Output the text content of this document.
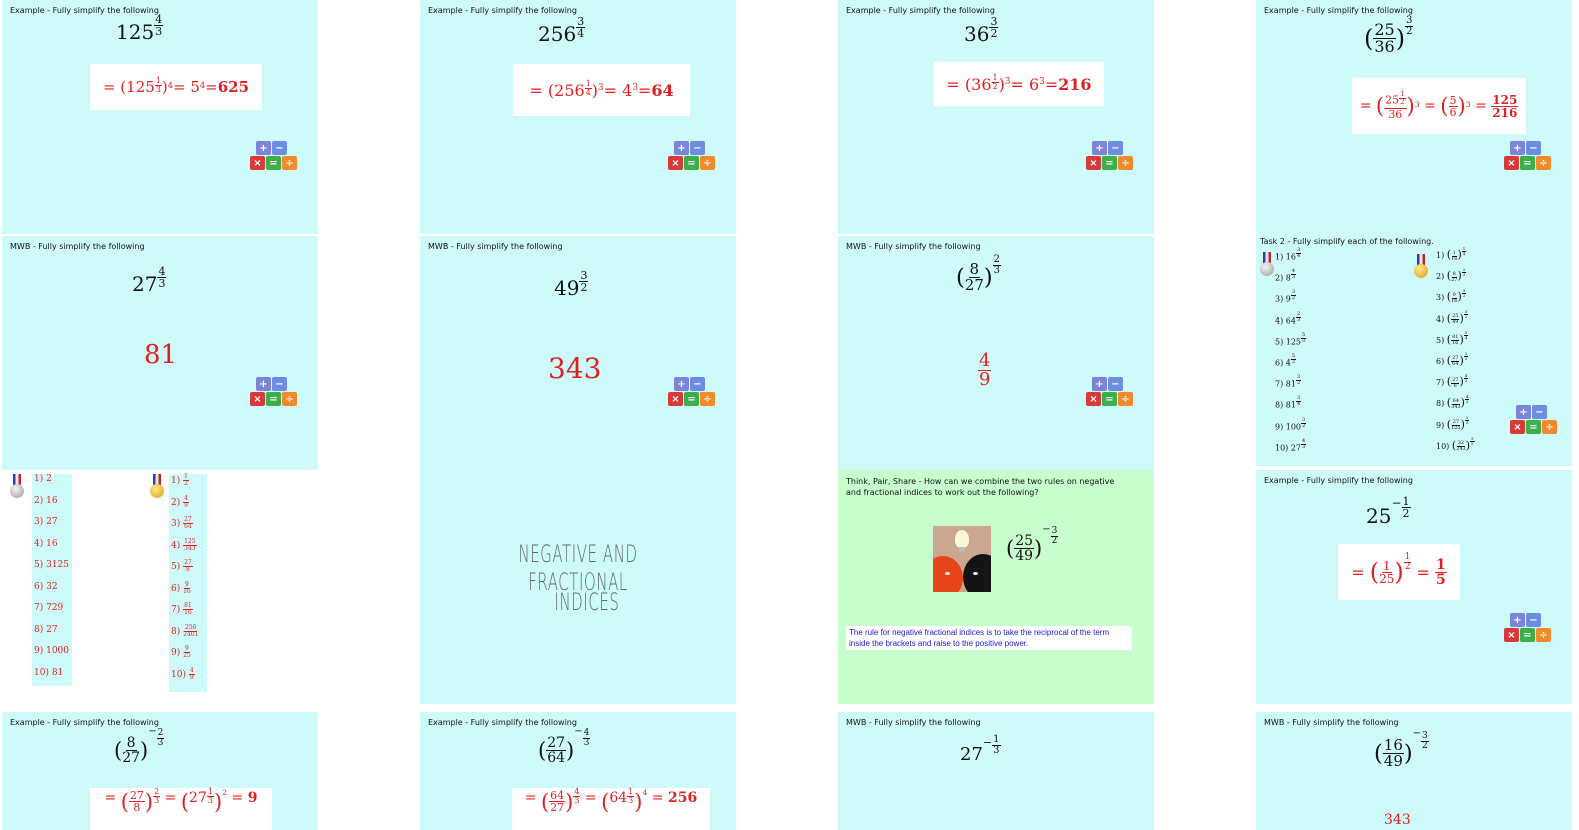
Example - Fully simplify the following
$125 \frac{4}{3}$
= ($125 \frac{1}{3}$ ) 4 = 5 4 = 625
+ −
× = ÷
Example - Fully simplify the following
$256 \frac{3}{4}$
= ($256 \frac{1}{4}$ ) 3 = 4 3 = 64
+ −
× = ÷
Example - Fully simplify the following
$36 \frac{3}{2}$
= ($36 \frac{1}{2}$ ) 3 = 6 3 = 216
+ −
× = ÷
Example - Fully simplify the following
( $\frac{25}{36}$ ) $\frac{3}{2}$
=
( $\frac{25 \frac{1}{2}}{36}$ ) 3
=
( $\frac{5}{6}$ ) 3
=
$\frac{125}{216}$
+ −
× = ÷
MWB - Fully simplify the following
$27 \frac{4}{3}$
81
+ −
× = ÷
MWB - Fully simplify the following
$49 \frac{3}{2}$
343	+ −
× = ÷
MWB - Fully simplify the following
( $\frac{8}{27}$ ) $\frac{2}{3}$
$\frac{4}{9}$	+ −
× = ÷
Task 2 - Fully simplify each of the following.
1) $16 \frac{3}{4}$
2) $8 \frac{4}{3}$
3) $9 \frac{3}{2}$
4) $64 \frac{2}{3}$
5) $125 \frac{5}{3}$
6) $4 \frac{5}{2}$
7) $81 \frac{3}{2}$
8) $81 \frac{3}{4}$
9) $100 \frac{3}{2}$
10) $27 \frac{4}{3}$
1) ( $\frac{1}{16}$ ) $\frac{1}{4}$
2) ( $\frac{8}{27}$ ) $\frac{2}{3}$
3) ( $\frac{9}{16}$ ) $\frac{3}{2}$
4) ( $\frac{25}{49}$ ) $\frac{3}{2}$
5) ( $\frac{81}{16}$ ) $\frac{3}{4}$
6) ( $\frac{27}{64}$ ) $\frac{2}{3}$
7) ( $\frac{27}{8}$ ) $\frac{4}{3}$
8) ( $\frac{64}{343}$ ) $\frac{4}{3}$
9) ( $\frac{27}{125}$ ) $\frac{2}{3}$
10) ( $\frac{32}{243}$ ) $\frac{3}{5}$
+ −
× = ÷
1) 2
2) 16
3) 27
4) 16
5) 3125
6) 32
7) 729
8) 27
9) 1000
10) 81
$1) \frac{1}{2}$
$2) \frac{4}{9}$
$3) \frac{27}{64}$
$4) \frac{125}{343}$
$5) \frac{27}{8}$
$6) \frac{9}{16}$
$7) \frac{81}{16}$
$8) \frac{256}{2401}$
$9) \frac{9}{25}$
$10) \frac{4}{9}$
NEGATIVE AND FRACTIONAL
INDICES
Think, Pair, Share - How can we combine the two rules on negative and fractional indices to work out the following?
( $\frac{25}{49} )^- \frac{3}{2}$
The rule for negative fractional indices is to take the reciprocal of the term inside the brackets and raise to the positive power.
Example - Fully simplify the following
$25^- \frac{1}{2}$
=
( $\frac{1}{25}$ ) $\frac{1}{2}$

=
$\frac{1}{5}$
+ −
× = ÷
Example - Fully simplify the following
( $\frac{8}{27} )^- \frac{2}{3}$
=
( $\frac{27}{8}$ ) $\frac{2}{3}$
=
( $27 \frac{1}{3}$ ) 2
=
9
Example - Fully simplify the following
( $\frac{27}{64} )^- \frac{4}{3}$
=
( $\frac{64}{27}$ ) $\frac{4}{3}$
=
( $64 \frac{1}{3}$ ) 4
=
256
MWB - Fully simplify the following
$27^- \frac{1}{3}$
MWB - Fully simplify the following
( $\frac{16}{49} )^- \frac{3}{2}$
343
